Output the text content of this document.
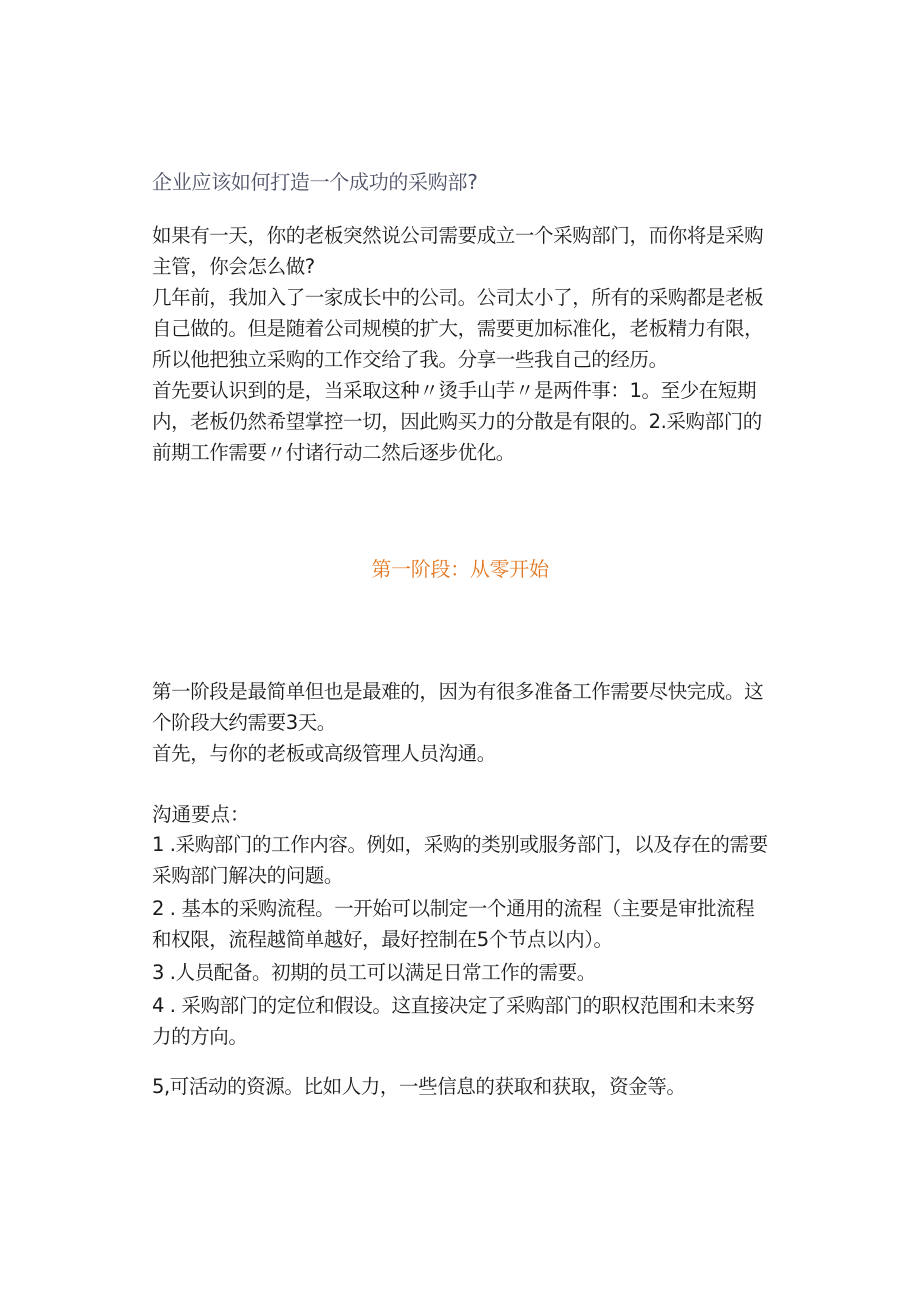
企业应该如何打造一个成功的采购部?

如果有一天，你的老板突然说公司需要成立一个采购部门，而你将是采购主管，你会怎么做?

几年前，我加入了一家成长中的公司。公司太小了，所有的采购都是老板自己做的。但是随着公司规模的扩大，需要更加标准化，老板精力有限，所以他把独立采购的工作交给了我。分享一些我自己的经历。

首先要认识到的是，当采取这种〃烫手山芋〃是两件事：1。至少在短期内，老板仍然希望掌控一切，因此购买力的分散是有限的。2.采购部门的前期工作需要〃付诸行动二然后逐步优化。

第一阶段：从零开始

第一阶段是最简单但也是最难的，因为有很多准备工作需要尽快完成。这个阶段大约需要3天。

首先，与你的老板或高级管理人员沟通。

沟通要点：

1 .采购部门的工作内容。例如，采购的类别或服务部门，以及存在的需要采购部门解决的问题。

2 . 基本的采购流程。一开始可以制定一个通用的流程（主要是审批流程和权限，流程越简单越好，最好控制在5个节点以内）。

3 .人员配备。初期的员工可以满足日常工作的需要。

4 . 采购部门的定位和假设。这直接决定了采购部门的职权范围和未来努力的方向。

5,可活动的资源。比如人力，一些信息的获取和获取，资金等。
